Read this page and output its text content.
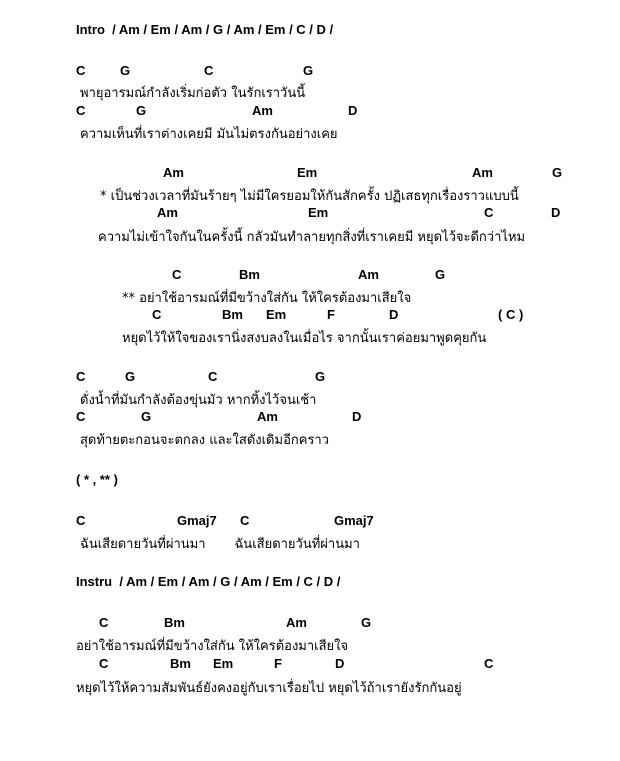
Intro  / Am / Em / Am / G / Am / Em / C / D /

C

	G

	C

	G

พายุอารมณ์กำลังเริ่มก่อตัว ในรักเราวันนี้

C

	G

	Am

	D

ความเห็นที่เราต่างเคยมี มันไม่ตรงกันอย่างเคย

Am

	Em

	Am

	G

* เป็นช่วงเวลาที่มันร้ายๆ ไม่มีใครยอมให้กันสักครั้ง ปฏิเสธทุกเรื่องราวแบบนี้

Am

	Em

	C

	D

ความไม่เข้าใจกันในครั้งนี้ กลัวมันทำลายทุกสิ่งที่เราเคยมี หยุดไว้จะดีกว่าไหม

C

	Bm

	Am

	G

** อย่าใช้อารมณ์ที่มีขว้างใส่กัน ให้ใครต้องมาเสียใจ

C

	Bm

Em

	F

	D

	( C )

หยุดไว้ให้ใจของเรานิ่งสงบลงในเมื่อไร จากนั้นเราค่อยมาพูดคุยกัน

C

	G

	C

	G

ดั่งน้ำที่มันกำลังต้องขุ่นมัว หากทิ้งไว้จนเช้า

C

	G

	Am

	D

สุดท้ายตะกอนจะตกลง และใสดังเดิมอีกคราว
( * , ** )

C

	Gmaj7

C

	Gmaj7

ฉันเสียดายวันที่ผ่านมา       ฉันเสียดายวันที่ผ่านมา
Instru  / Am / Em / Am / G / Am / Em / C / D /

C

	Bm

	Am

	G

อย่าใช้อารมณ์ที่มีขว้างใส่กัน ให้ใครต้องมาเสียใจ

C

	Bm

Em

	F

	D

	C

หยุดไว้ให้ความสัมพันธ์ยังคงอยู่กับเราเรื่อยไป หยุดไว้ถ้าเรายังรักกันอยู่
